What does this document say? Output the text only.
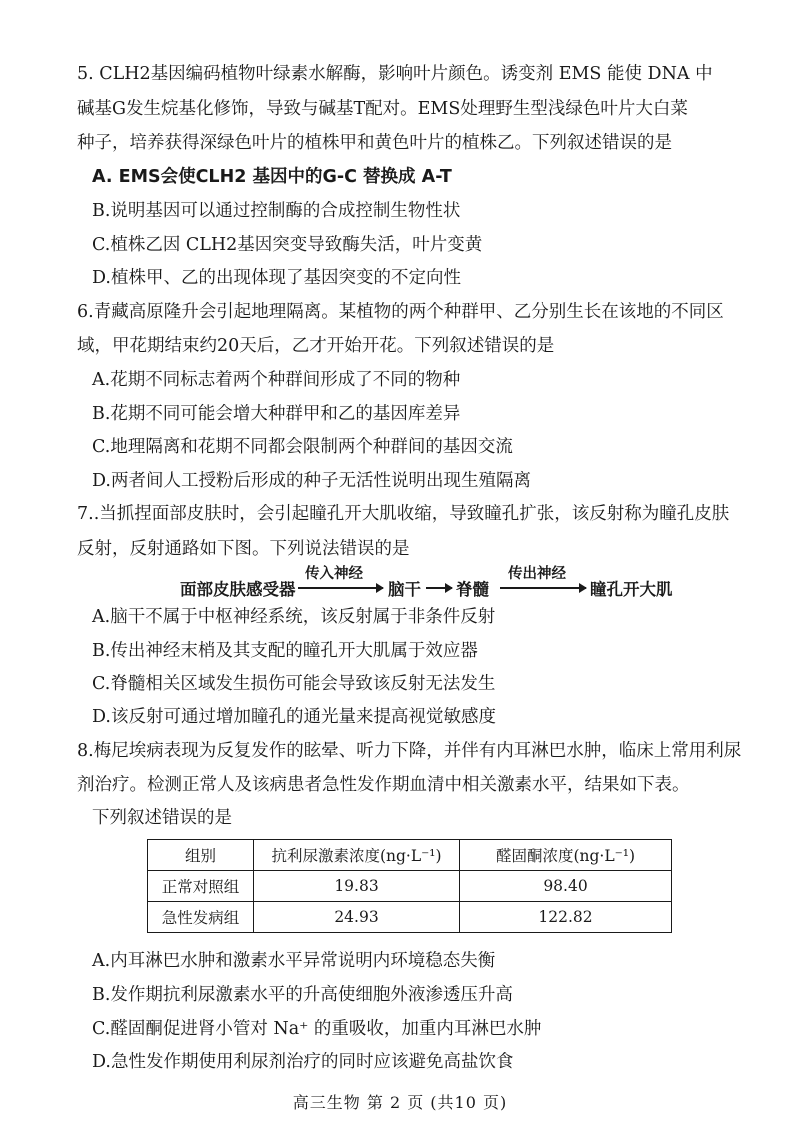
5. CLH2基因编码植物叶绿素水解酶，影响叶片颜色。诱变剂 EMS 能使 DNA 中
碱基G发生烷基化修饰，导致与碱基T配对。EMS处理野生型浅绿色叶片大白菜
种子，培养获得深绿色叶片的植株甲和黄色叶片的植株乙。下列叙述错误的是
A. EMS会使CLH2 基因中的G-C 替换成 A-T
B.说明基因可以通过控制酶的合成控制生物性状
C.植株乙因 CLH2基因突变导致酶失活，叶片变黄
D.植株甲、乙的出现体现了基因突变的不定向性
6.青藏高原隆升会引起地理隔离。某植物的两个种群甲、乙分别生长在该地的不同区
域，甲花期结束约20天后，乙才开始开花。下列叙述错误的是
A.花期不同标志着两个种群间形成了不同的物种
B.花期不同可能会增大种群甲和乙的基因库差异
C.地理隔离和花期不同都会限制两个种群间的基因交流
D.两者间人工授粉后形成的种子无活性说明出现生殖隔离
7..当抓捏面部皮肤时，会引起瞳孔开大肌收缩，导致瞳孔扩张，该反射称为瞳孔皮肤
反射，反射通路如下图。下列说法错误的是
面部皮肤感受器
传入神经
脑干 脊髓
传出神经
瞳孔开大肌
A.脑干不属于中枢神经系统，该反射属于非条件反射
B.传出神经末梢及其支配的瞳孔开大肌属于效应器
C.脊髓相关区域发生损伤可能会导致该反射无法发生
D.该反射可通过增加瞳孔的通光量来提高视觉敏感度
8.梅尼埃病表现为反复发作的眩晕、听力下降，并伴有内耳淋巴水肿，临床上常用利尿
剂治疗。检测正常人及该病患者急性发作期血清中相关激素水平，结果如下表。
下列叙述错误的是
组别	抗利尿激素浓度(ng·L⁻¹)	醛固酮浓度(ng·L⁻¹)
正常对照组	19.83	98.40
急性发病组	24.93	122.82
A.内耳淋巴水肿和激素水平异常说明内环境稳态失衡
B.发作期抗利尿激素水平的升高使细胞外液渗透压升高
C.醛固酮促进肾小管对 Na⁺ 的重吸收，加重内耳淋巴水肿
D.急性发作期使用利尿剂治疗的同时应该避免高盐饮食
高三生物 第 2 页 (共10 页)
